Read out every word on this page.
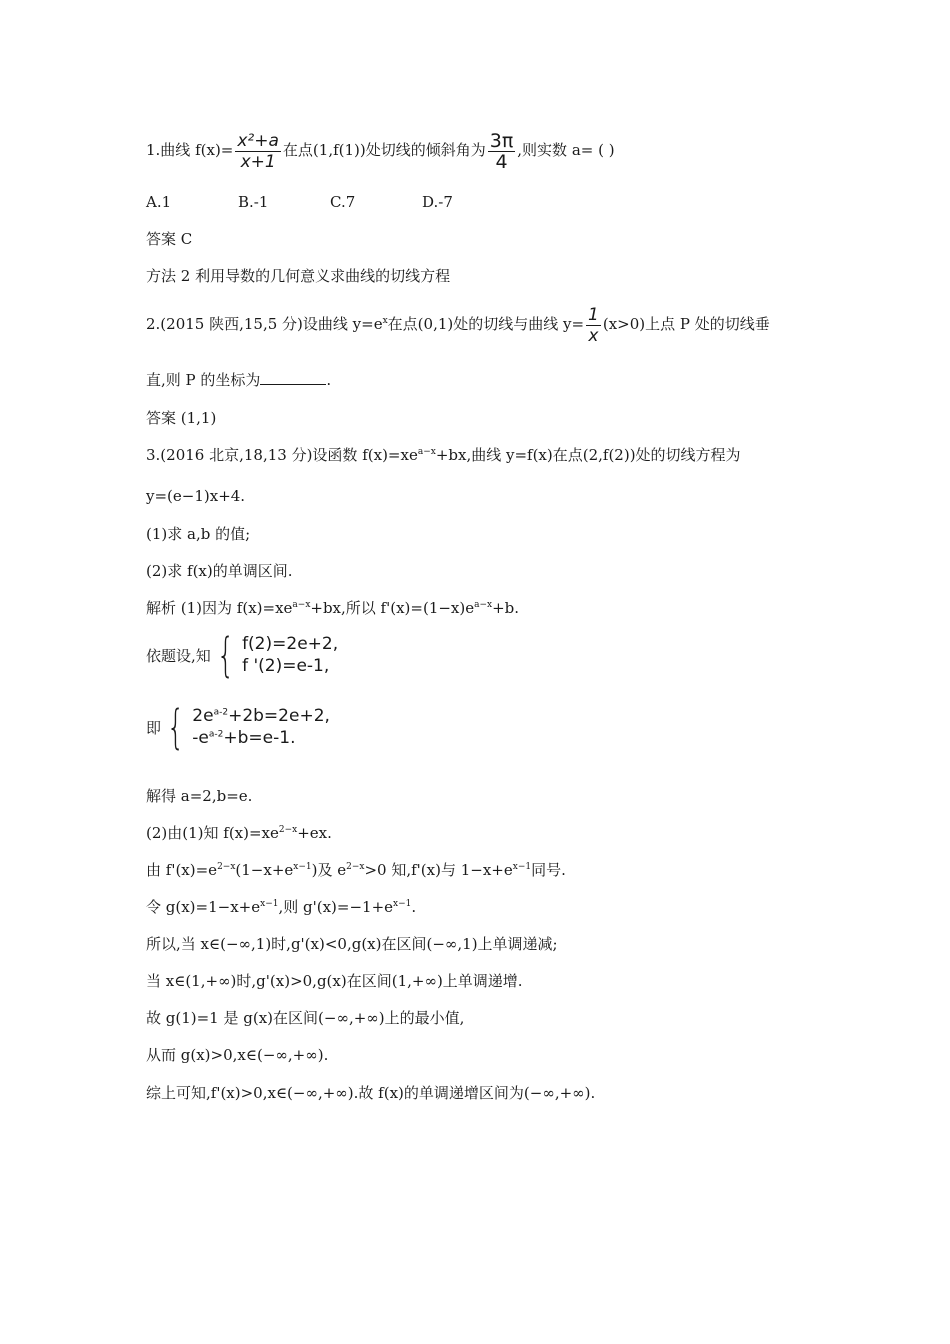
1.曲线 $f(x)= \frac{\text{x²+a}}{x+1}$ 在点(1,f(1))处切线的倾斜角为 $\frac{3\pi}{4}$ ,则实数 a= ( )
A.1	B.-1	C.7	D.-7
答案 C
方法 2 利用导数的几何意义求曲线的切线方程
2.(2015 陕西,15,5 分)设曲线 $y=e^x$在点(0,1)处的切线与曲线 $y= \frac{1}{x} (x>0)$上点 P 处的切线垂
直,则 P 的坐标为	.
答案 (1,1)
3.(2016 北京,18,13 分)设函数 $f(x)=xe^{a-x}+bx$,曲线 y=f(x)在点(2,f(2))处的切线方程为
y=(e−1)x+4.
(1)求 a,b 的值;
(2)求 f(x)的单调区间.
解析 (1)因为 $f(x)=xe^{a-x}+bx$,所以 $f'(x)=(1-x)e^{a-x}+b$.
依题设,知 { f(2)=2e+2,
f '(2)=e-1,
即 { $2e^{a-2}+2b=2e+2$,
$-e^{a-2}+b=e-1$.
解得 a=2,b=e.
(2)由(1)知 $f(x)=xe^{2-x}+ex$.
由 $f'(x)=e^{2-x}(1-x+e^{x-1})$及 $e^{2-x}>0$ 知,f'(x)与 $1-x+e^{x-1}$同号.
令 $g(x)=1-x+e^{x-1}$,则 $g'(x)=-1+e^{x-1}$.
所以,当 x∈(−∞,1)时,g'(x)<0,g(x)在区间(−∞,1)上单调递减;
当 x∈(1,+∞)时,g'(x)>0,g(x)在区间(1,+∞)上单调递增.
故 g(1)=1 是 g(x)在区间(−∞,+∞)上的最小值,
从而 g(x)>0,x∈(−∞,+∞).
综上可知,f'(x)>0,x∈(−∞,+∞).故 f(x)的单调递增区间为(−∞,+∞).
